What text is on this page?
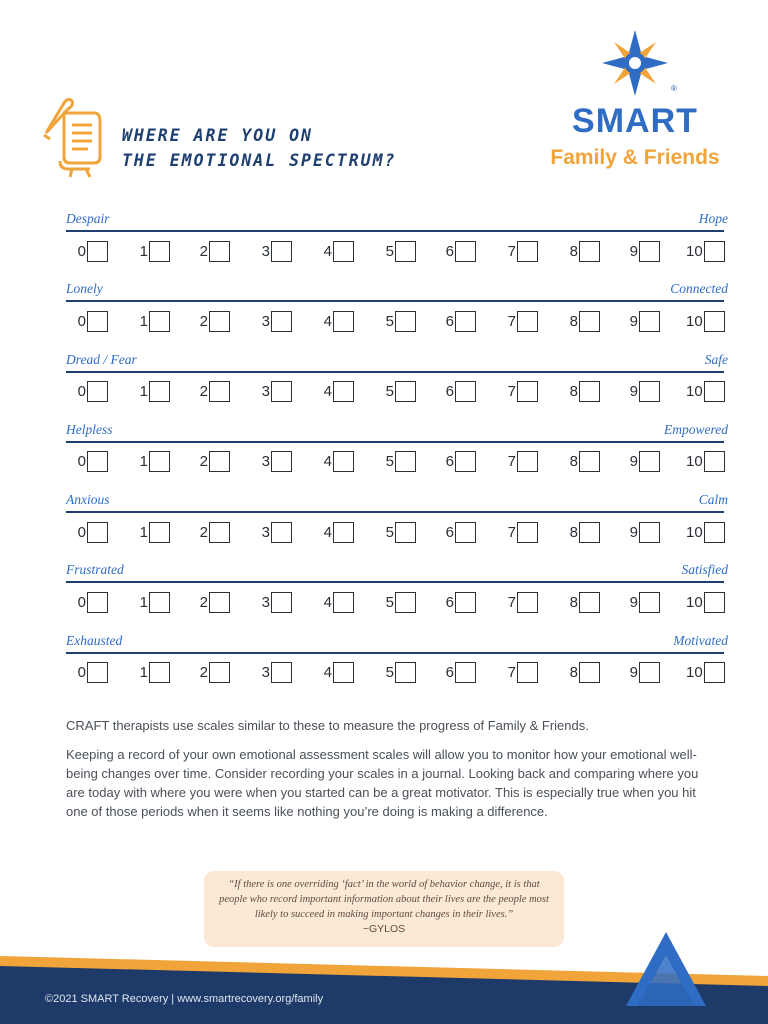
WHERE ARE YOU ON
THE EMOTIONAL SPECTRUM?
®
SMART
Family & Friends
Despair	Hope
0	1	2	3	4	5	6	7	8	9	10
Lonely	Connected
0	1	2	3	4	5	6	7	8	9	10
Dread / Fear	Safe
0	1	2	3	4	5	6	7	8	9	10
Helpless	Empowered
0	1	2	3	4	5	6	7	8	9	10
Anxious	Calm
0	1	2	3	4	5	6	7	8	9	10
Frustrated	Satisfied
0	1	2	3	4	5	6	7	8	9	10
Exhausted	Motivated
0	1	2	3	4	5	6	7	8	9	10

CRAFT therapists use scales similar to these to measure the progress of Family & Friends.

Keeping a record of your own emotional assessment scales will allow you to monitor how your emotional well-being changes over time. Consider recording your scales in a journal. Looking back and comparing where you are today with where you were when you started can be a great motivator. This is especially true when you hit one of those periods when it seems like nothing you’re doing is making a difference.

“If there is one overriding ‘fact’ in the world of behavior change, it is that people who record important information about their lives are the people most likely to succeed in making important changes in their lives.”
~GYLOS
©2021 SMART Recovery | www.smartrecovery.org/family
